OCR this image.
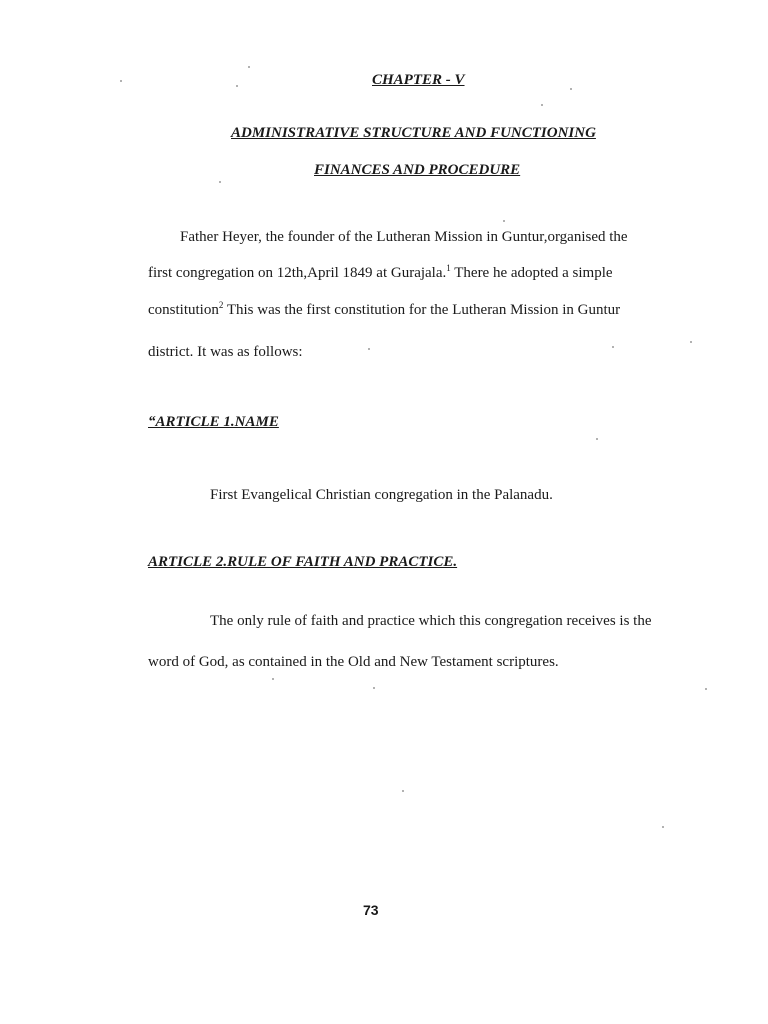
CHAPTER - V
ADMINISTRATIVE STRUCTURE AND FUNCTIONING
FINANCES AND PROCEDURE
Father Heyer, the founder of the Lutheran Mission in Guntur,organised the
first congregation on 12th,April 1849 at Gurajala.$^1$ There he adopted a simple
constitution$^2$ This was the first constitution for the Lutheran Mission in Guntur
district. It was as follows:
“ARTICLE 1.NAME
First Evangelical Christian congregation in the Palanadu.
ARTICLE 2.RULE OF FAITH AND PRACTICE.
The only rule of faith and practice which this congregation receives is the
word of God, as contained in the Old and New Testament scriptures.
73
